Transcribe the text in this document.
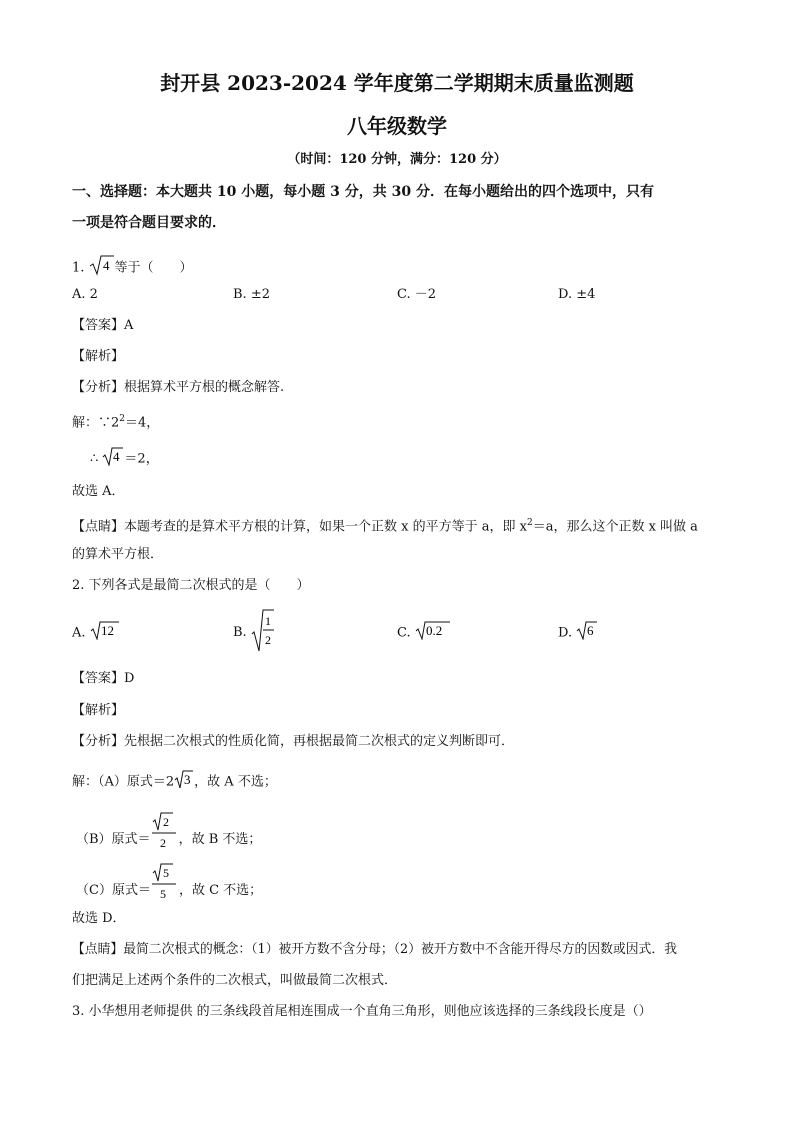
封开县 2023-2024 学年度第二学期期末质量监测题
八年级数学
（时间：120 分钟，满分：120 分）
一、选择题：本大题共 10 小题，每小题 3 分，共 30 分．在每小题给出的四个选项中，只有
一项是符合题目要求的．
1. 4 等于（　　）
A. 2	B. ±2	C. －2	D. ±4
【答案】A
【解析】
【分析】根据算术平方根的概念解答.
解：$\because 2^2=4$，
∴ 4 ＝2，
故选 A．
【点睛】本题考查的是算术平方根的计算，如果一个正数 x 的平方等于 a，即 $x^2=a$，那么这个正数 x 叫做 a
的算术平方根．
2. 下列各式是最简二次根式的是（　　）
A. 12	B.
1
2	C. 0.2	D. 6
【答案】D
【解析】
【分析】先根据二次根式的性质化简，再根据最简二次根式的定义判断即可．
解：（A）原式＝2 3 ，故 A 不选；
（B）原式＝
2
2 ，故 B 不选；
（C）原式＝
5
5 ，故 C 不选；
故选 D．
【点睛】最简二次根式的概念：（1）被开方数不含分母；（2）被开方数中不含能开得尽方的因数或因式．我
们把满足上述两个条件的二次根式，叫做最简二次根式．
3. 小华想用老师提供 的三条线段首尾相连围成一个直角三角形，则他应该选择的三条线段长度是（）
